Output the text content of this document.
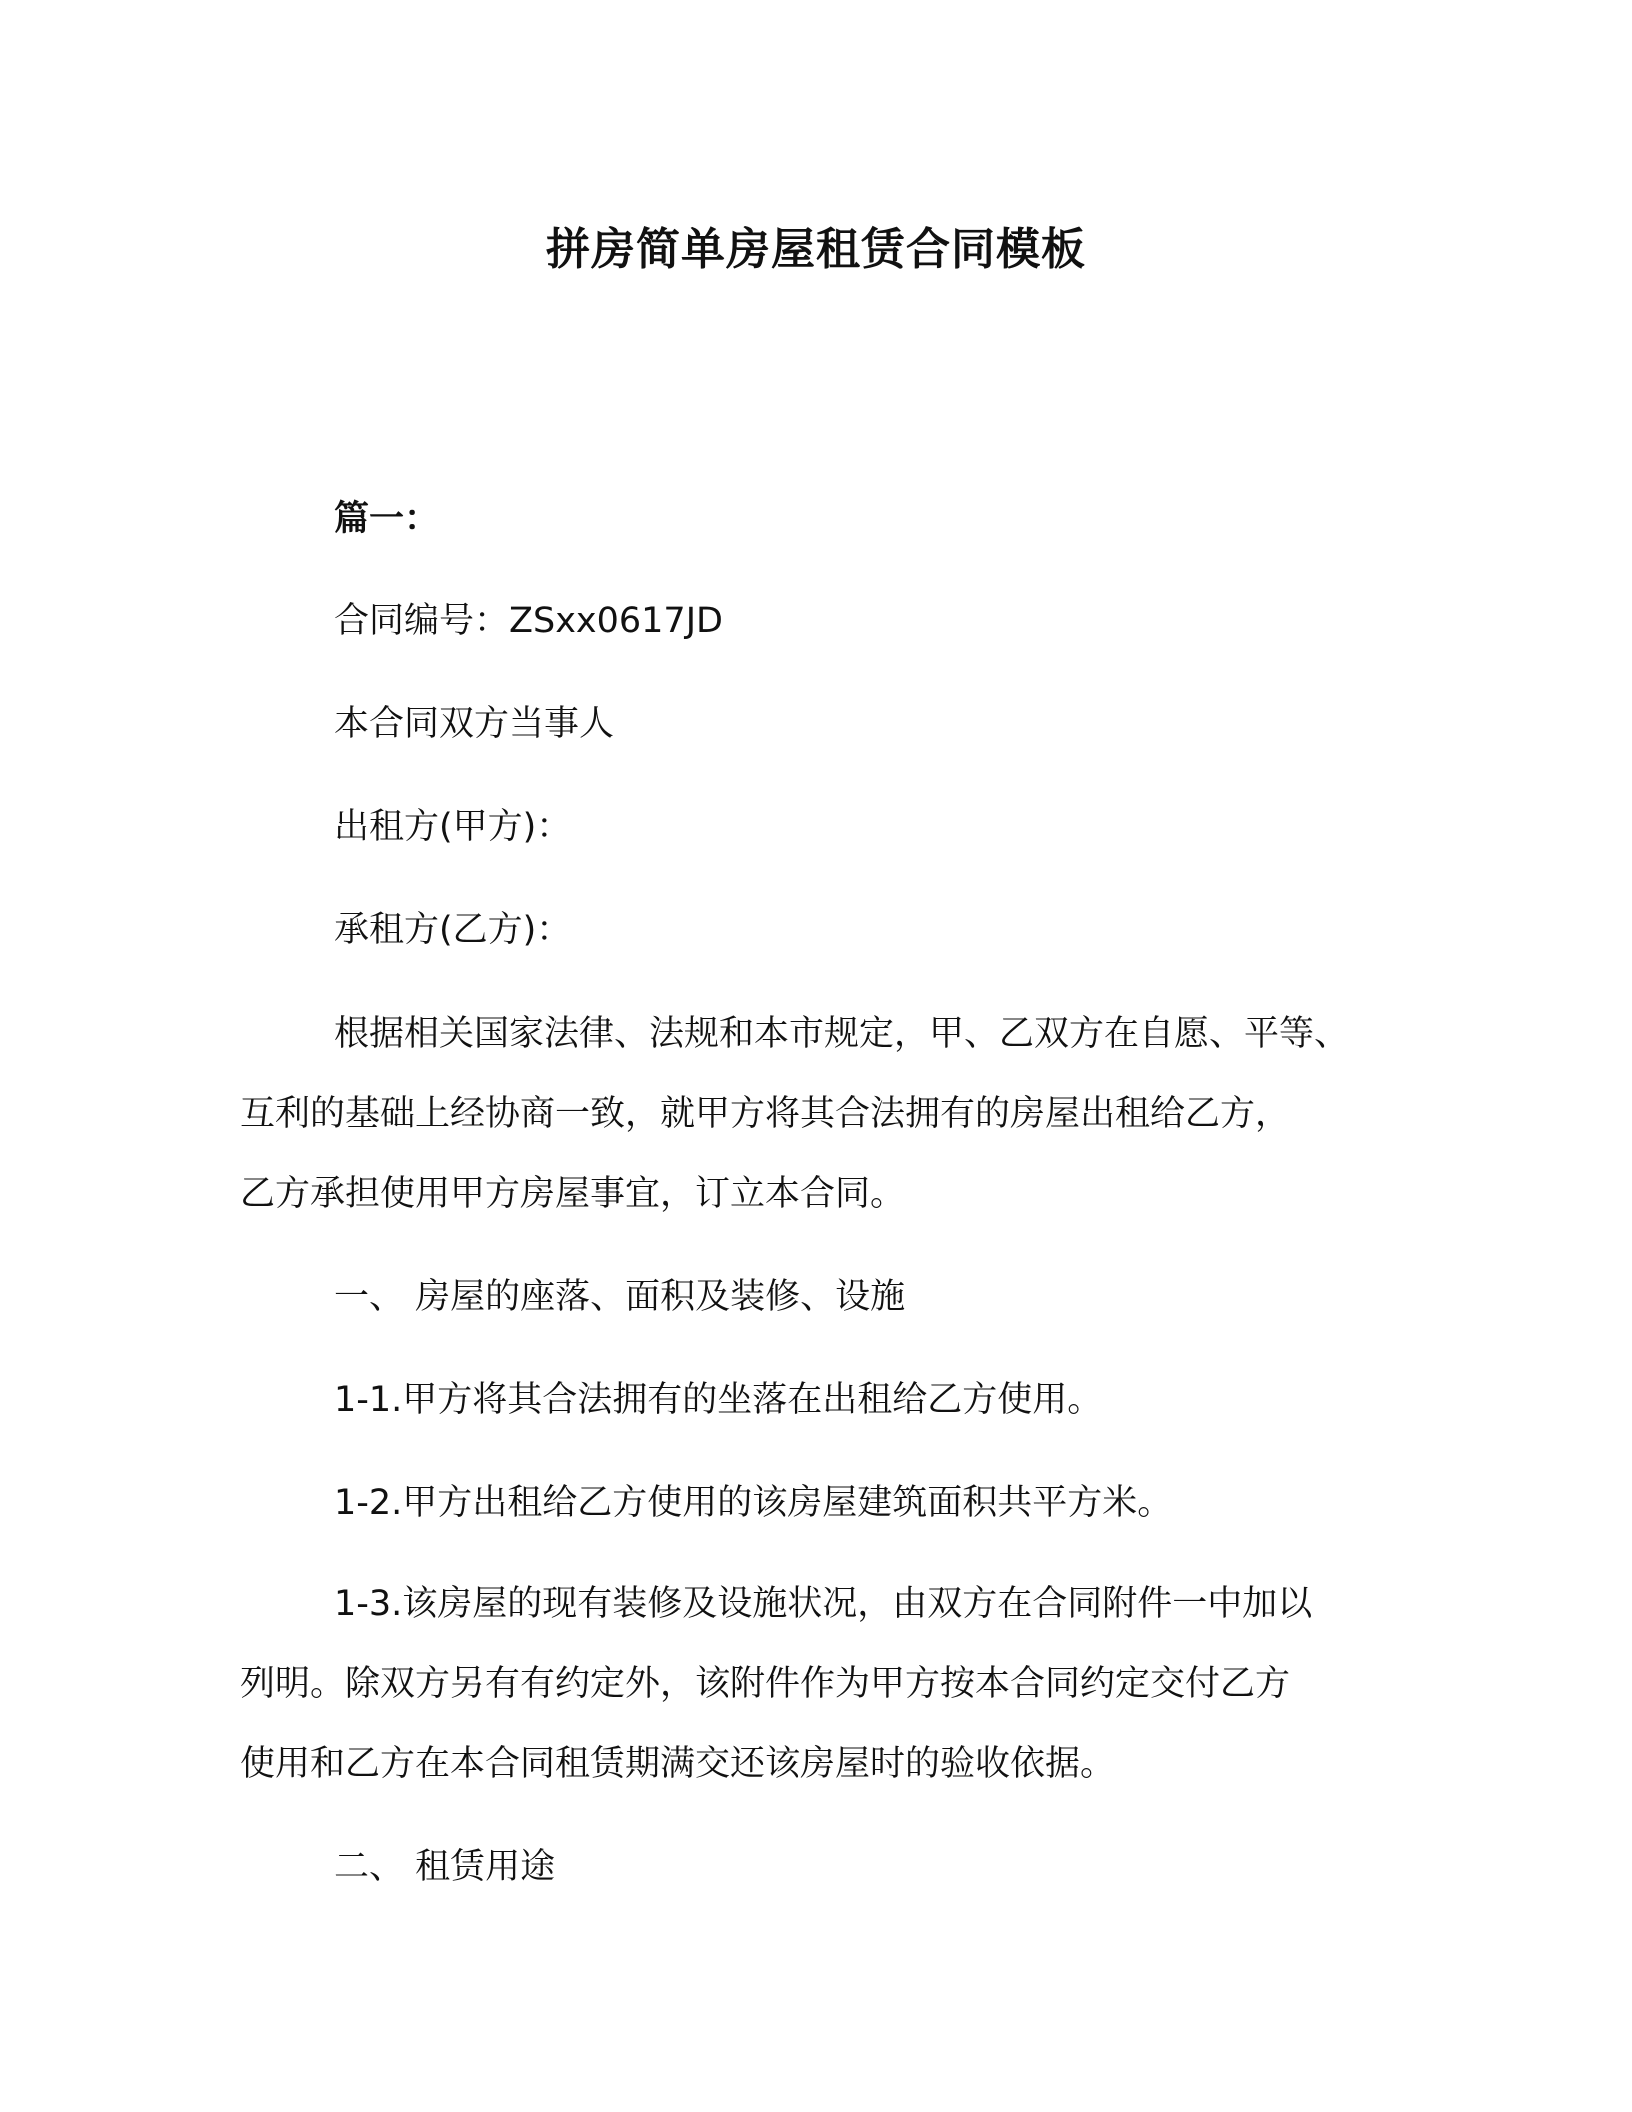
拼房简单房屋租赁合同模板
篇一：
合同编号：ZSxx0617JD
本合同双方当事人
出租方(甲方)：
承租方(乙方)：
根据相关国家法律、法规和本市规定，甲、乙双方在自愿、平等、
互利的基础上经协商一致，就甲方将其合法拥有的房屋出租给乙方，
乙方承担使用甲方房屋事宜，订立本合同。
一、 房屋的座落、面积及装修、设施
1-1.甲方将其合法拥有的坐落在出租给乙方使用。
1-2.甲方出租给乙方使用的该房屋建筑面积共平方米。
1-3.该房屋的现有装修及设施状况，由双方在合同附件一中加以
列明。除双方另有有约定外，该附件作为甲方按本合同约定交付乙方
使用和乙方在本合同租赁期满交还该房屋时的验收依据。
二、 租赁用途
